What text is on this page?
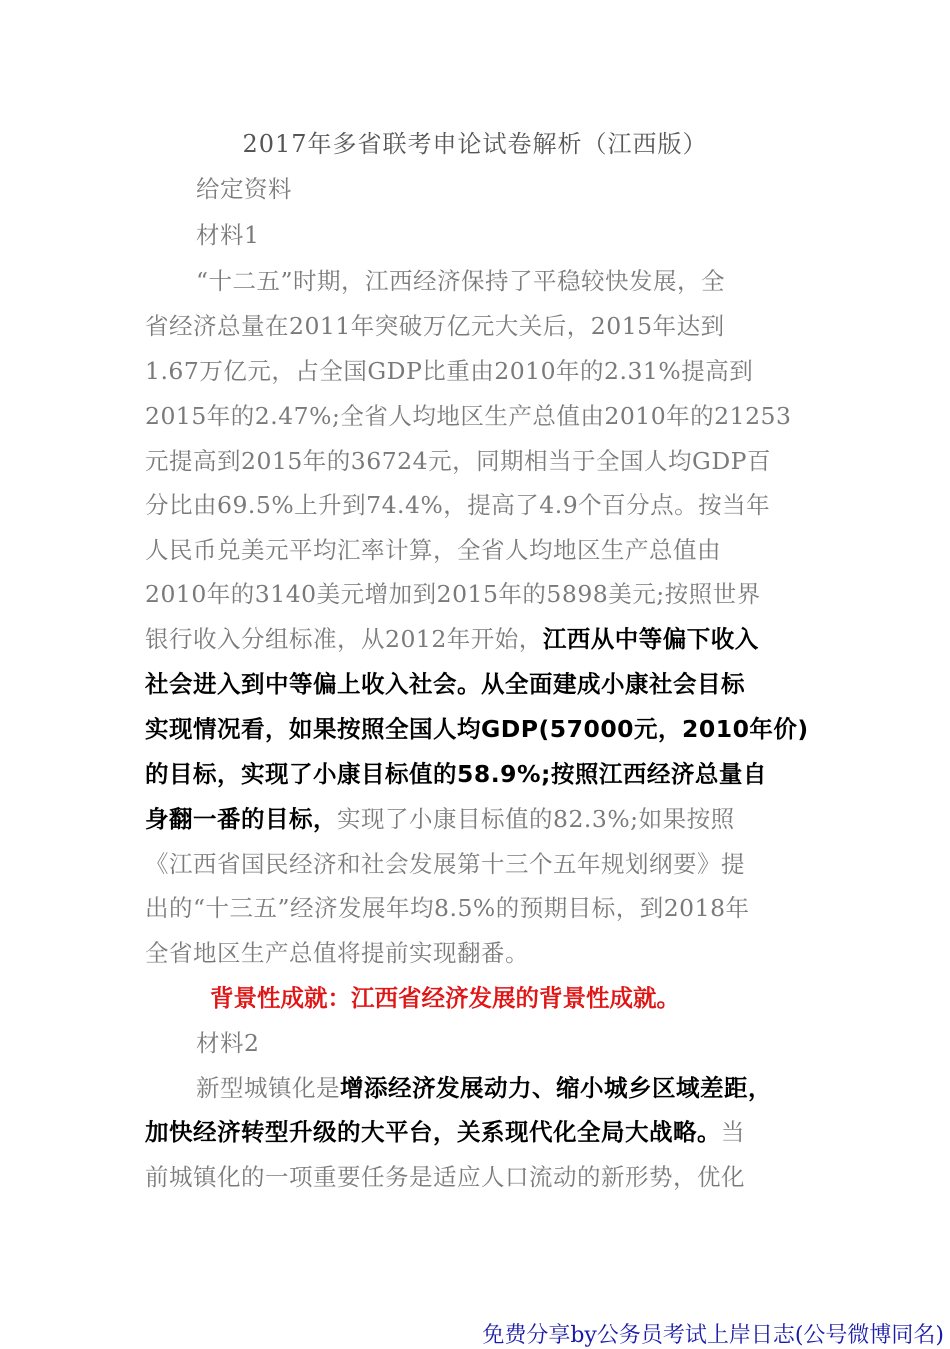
2017年多省联考申论试卷解析（江西版）
给定资料
材料1
“十二五”时期，江西经济保持了平稳较快发展，全
省经济总量在2011年突破万亿元大关后，2015年达到
1.67万亿元，占全国GDP比重由2010年的2.31%提高到
2015年的2.47%;全省人均地区生产总值由2010年的21253
元提高到2015年的36724元，同期相当于全国人均GDP百
分比由69.5%上升到74.4%，提高了4.9个百分点。按当年
人民币兑美元平均汇率计算，全省人均地区生产总值由
2010年的3140美元增加到2015年的5898美元;按照世界
银行收入分组标准，从2012年开始，江西从中等偏下收入
社会进入到中等偏上收入社会。从全面建成小康社会目标
实现情况看，如果按照全国人均GDP(57000元，2010年价)
的目标，实现了小康目标值的58.9%;按照江西经济总量自
身翻一番的目标，实现了小康目标值的82.3%;如果按照
《江西省国民经济和社会发展第十三个五年规划纲要》提
出的“十三五”经济发展年均8.5%的预期目标，到2018年
全省地区生产总值将提前实现翻番。
背景性成就：江西省经济发展的背景性成就。
材料2
新型城镇化是增添经济发展动力、缩小城乡区域差距，
加快经济转型升级的大平台，关系现代化全局大战略。当
前城镇化的一项重要任务是适应人口流动的新形势，优化
免费分享by公务员考试上岸日志(公号微博同名)
